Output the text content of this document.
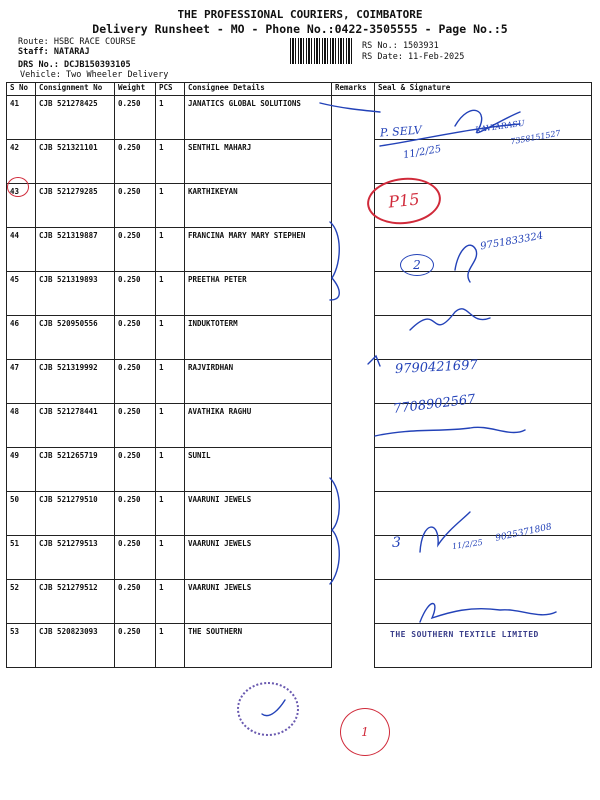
THE PROFESSIONAL COURIERS, COIMBATORE
Delivery Runsheet - MO - Phone No.:0422-3505555 - Page No.:5
Route: HSBC RACE COURSE
Staff: NATARAJ
DRS No.: DCJB150393105
Vehicle: Two Wheeler Delivery
RS No.: 1503931
RS Date: 11-Feb-2025
S No	Consignment No	Weight	PCS	Consignee Details	Remarks	Seal & Signature
41	CJB 521278425	0.250	1	JANATICS GLOBAL SOLUTIONS		
42	CJB 521321101	0.250	1	SENTHIL MAHARJ		
43	CJB 521279285	0.250	1	KARTHIKEYAN		
44	CJB 521319887	0.250	1	FRANCINA MARY MARY STEPHEN		
45	CJB 521319893	0.250	1	PREETHA PETER		
46	CJB 520950556	0.250	1	INDUKTOTERM		
47	CJB 521319992	0.250	1	RAJVIRDHAN		
48	CJB 521278441	0.250	1	AVATHIKA RAGHU		
49	CJB 521265719	0.250	1	SUNIL		
50	CJB 521279510	0.250	1	VAARUNI JEWELS		
51	CJB 521279513	0.250	1	VAARUNI JEWELS		
52	CJB 521279512	0.250	1	VAARUNI JEWELS		
53	CJB 520823093	0.250	1	THE SOUTHERN		
P. SELV	KAVIARASU
7358151527
11/2/25
P15
9751833324
2
9790421697
7708902567
3	11/2/25
9025371808
THE SOUTHERN TEXTILE LIMITED
1
